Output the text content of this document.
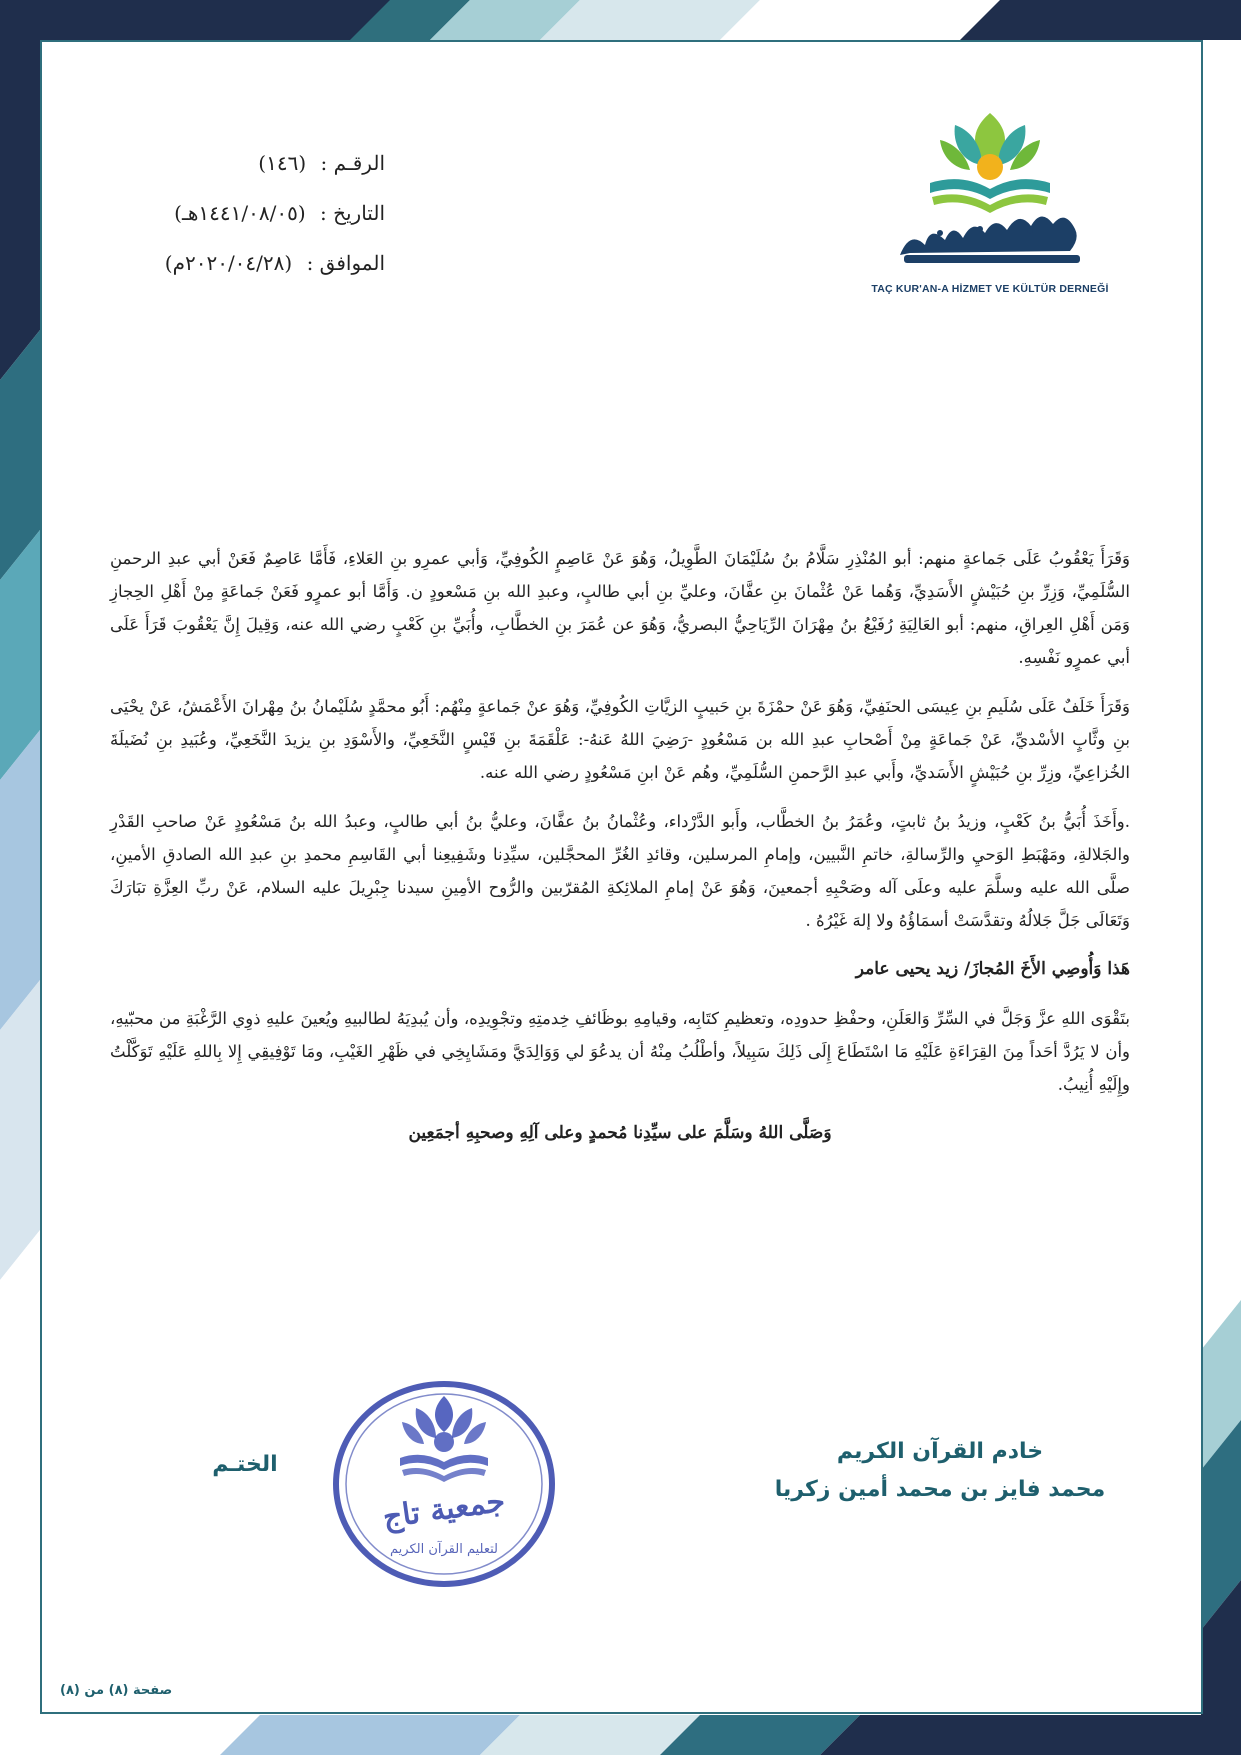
TAÇ KUR'AN-A HİZMET VE KÜLTÜR DERNEĞİ
الرقـم : (١٤٦)
التاريخ : (١٤٤١/٠٨/٠٥هـ)
الموافق : (٢٠٢٠/٠٤/٢٨م)

وَقَرَأَ يَعْقُوبُ عَلَى جَماعةٍ منهم: أبو المُنْذِرِ سَلَّامُ بنُ سُلَيْمَانَ الطَّوِيلُ، وَهُوَ عَنْ عَاصِمٍ الكُوفِيِّ، وَأبي عمرِو بنِ العَلاءِ، فَأَمَّا عَاصِمٌ فَعَنْ أبي عبدِ الرحمنِ السُّلَمِيِّ، وَزِرِّ بنِ حُبَيْشٍ الأَسَدِيِّ، وَهُما عَنْ عُثْمانَ بنِ عفَّانَ، وعليِّ بنِ أبي طالبٍ، وعبدِ الله بنِ مَسْعودٍ ن. وَأَمَّا أبو عمرٍو فَعَنْ جَماعَةٍ مِنْ أَهْلِ الحِجازِ وَمَن أَهْلِ العِراقِ، منهم: أبو العَالِيَةِ رُفَيْعُ بنُ مِهْرَانَ الرِّيَاحِيُّ البصريُّ، وَهُوَ عن عُمَرَ بنِ الخطَّابِ، وأُبَيِّ بنِ كَعْبٍ رضي الله عنه، وَقِيلَ إِنَّ يَعْقُوبَ قَرَأَ عَلَى أبي عمرٍو نَفْسِهِ.

وَقَرَأَ خَلَفٌ عَلَى سُلَيمِ بنِ عِيسَى الحنَفِيِّ، وَهُوَ عَنْ حمْزَةَ بنِ حَبيبٍ الزيَّاتِ الكُوفِيِّ، وَهُوَ عنْ جَماعةٍ مِنْهُم: أَبُو محمَّدٍ سُلَيْمانُ بنُ مِهْرانَ الأَعْمَشُ، عَنْ يحْيَى بنِ وثَّابٍ الأسْديِّ، عَنْ جَماعَةٍ مِنْ أَصْحابِ عبدِ الله بن مَسْعُودٍ -رَضِيَ اللهُ عَنهُ-: عَلْقَمَةَ بنِ قَيْسٍ النَّخَعِيِّ، والأَسْوَدِ بنِ يزيدَ النَّخَعِيِّ، وعُبَيدِ بنِ نُضَيلَةَ الخُزاعِيِّ، وزِرِّ بنِ حُبَيْشٍ الأَسَديِّ، وأَبي عبدِ الرَّحمنِ السُّلَمِيِّ، وهُم عَنْ ابنِ مَسْعُودٍ رضي الله عنه.

.وأَخَذَ أُبَيُّ بنُ كَعْبٍ، وزيدُ بنُ ثابتٍ، وعُمَرُ بنُ الخطَّاب، وأَبو الدَّرْداء، وعُثْمانُ بنُ عفَّانَ، وعليُّ بنُ أبي طالبٍ، وعبدُ الله بنُ مَسْعُودٍ عَنْ صاحبِ القَدْرِ والجَلالةِ، ومَهْبَطِ الوَحيِ والرِّسالةِ، خاتمِ النَّبيين، وإمامِ المرسلين، وقائدِ الغُرِّ المحجَّلين، سيِّدِنا وشَفِيعِنا أبي القَاسِمِ محمدِ بنِ عبدِ الله الصادقِ الأمينِ، صلَّى الله عليه وسلَّمَ عليه وعلَى آله وصَحْبِهِ أجمعينَ، وَهُوَ عَنْ إمامِ الملائِكةِ المُقرّبين والرُّوح الأمِينِ سيدنا جِبْرِيلَ عليه السلام، عَنْ ربِّ العِزَّةِ تبَارَكَ وَتَعَالَى جَلَّ جَلالُهُ وتقدَّسَتْ أسمَاؤُهُ ولا إلهَ غَيْرُهُ .

هَذا وَأُوصِي الأَخَ المُجازَ/ زيد يحيى عامر

بتَقْوَى اللهِ عزَّ وَجَلَّ في السِّرِّ وَالعَلَنِ، وحفْظِ حدودِه، وتعظيمِ كتَابِه، وقيامِهِ بوظَائفِ خِدمتِهِ وتجْوِيدِه، وأن يُبدِيَهُ لطالبيهِ ويُعينَ عليهِ ذوِي الرَّغْبَةِ من محبّيهِ، وأن لا يَرُدَّ أحَداً مِنَ القِرَاءَةِ عَلَيْهِ مَا اسْتَطَاعَ إِلَى ذَلِكَ سَبِيلاً، وأطْلُبُ مِنْهُ أن يدعُوَ لي وَوَالِدَيَّ ومَشَايِخِي في ظَهْرِ الغَيْبِ، ومَا تَوْفِيقِي إِلا بِاللهِ عَلَيْهِ تَوَكَّلْتُ وإِلَيْهِ أُنِيبُ.

وَصَلَّى اللهُ وسَلَّمَ على سيِّدِنا مُحمدٍ وعلى آلِهِ وصحبِهِ أجمَعِين

خادم القرآن الكريم
محمد فايز بن محمد أمين زكريا
الختـم
جمعية تاج
لتعليم القرآن الكريم
صفحة (٨) من (٨)
